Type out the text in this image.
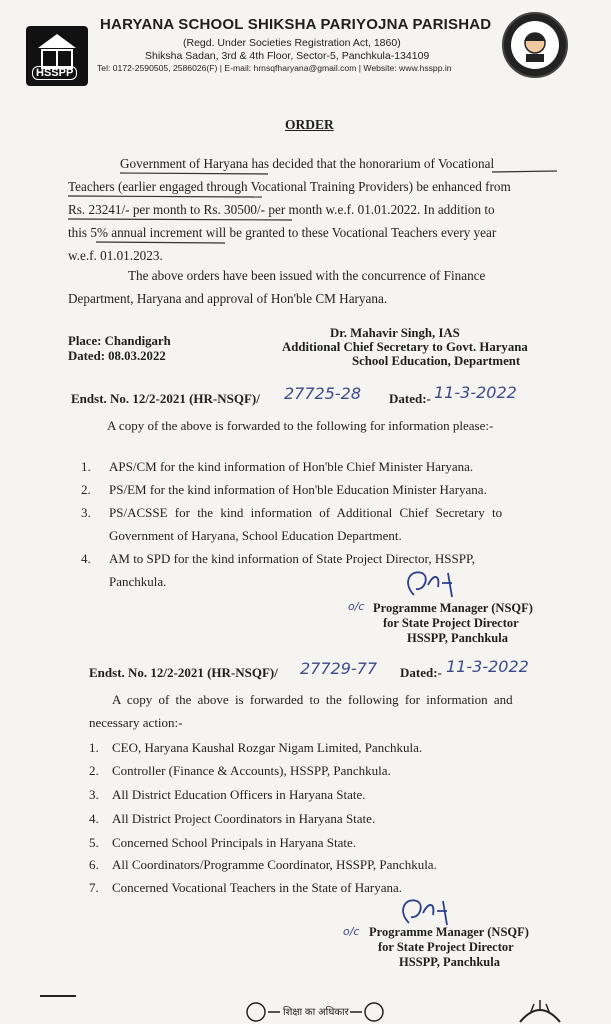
HSSPP
HARYANA SCHOOL SHIKSHA PARIYOJNA PARISHAD
(Regd. Under Societies Registration Act, 1860)
Shiksha Sadan, 3rd & 4th Floor, Sector-5, Panchkula-134109
Tel: 0172-2590505, 2586026(F) | E-mail: hrnsqfharyana@gmail.com | Website: www.hsspp.in
ORDER
Government of Haryana has decided that the honorarium of Vocational
Teachers (earlier engaged through Vocational Training Providers) be enhanced from
Rs. 23241/- per month to Rs. 30500/- per month w.e.f. 01.01.2022. In addition to
this 5% annual increment will be granted to these Vocational Teachers every year
w.e.f. 01.01.2023.
The above orders have been issued with the concurrence of Finance
Department, Haryana and approval of Hon'ble CM Haryana.
Place: Chandigarh
Dated: 08.03.2022
Dr. Mahavir Singh, IAS
Additional Chief Secretary to Govt. Haryana
School Education, Department
Endst. No. 12/2-2021 (HR-NSQF)/ 27725-28 Dated:- 11-3-2022
A copy of the above is forwarded to the following for information please:-
1. APS/CM for the kind information of Hon'ble Chief Minister Haryana.
2. PS/EM for the kind information of Hon'ble Education Minister Haryana.
3. PS/ACSSE for the kind information of Additional Chief Secretary to
Government of Haryana, School Education Department.
4. AM to SPD for the kind information of State Project Director, HSSPP,
Panchkula.
o/c Programme Manager (NSQF)
for State Project Director
HSSPP, Panchkula
Endst. No. 12/2-2021 (HR-NSQF)/ 27729-77 Dated:- 11-3-2022
A copy of the above is forwarded to the following for information and
necessary action:-
1. CEO, Haryana Kaushal Rozgar Nigam Limited, Panchkula.
2. Controller (Finance & Accounts), HSSPP, Panchkula.
3. All District Education Officers in Haryana State.
4. All District Project Coordinators in Haryana State.
5. Concerned School Principals in Haryana State.
6. All Coordinators/Programme Coordinator, HSSPP, Panchkula.
7. Concerned Vocational Teachers in the State of Haryana.
o/c Programme Manager (NSQF)
for State Project Director
HSSPP, Panchkula
शिक्षा का अधिकार
